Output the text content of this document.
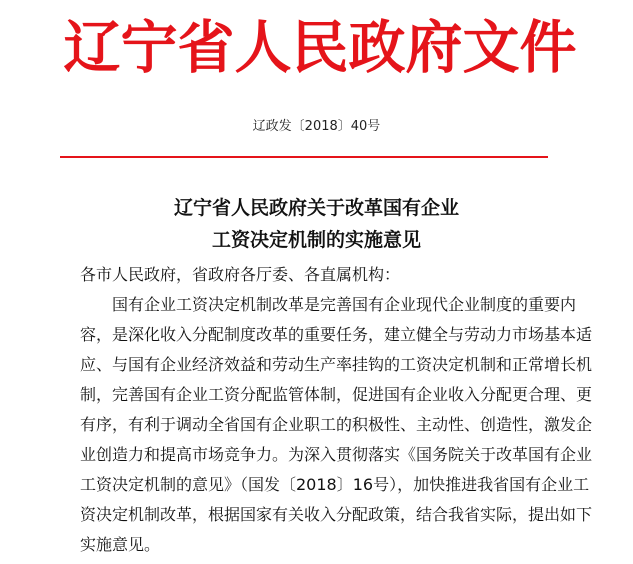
辽宁省人民政府文件
辽政发〔2018〕40号
辽宁省人民政府关于改革国有企业
工资决定机制的实施意见
各市人民政府，省政府各厅委、各直属机构：
国有企业工资决定机制改革是完善国有企业现代企业制度的重要内
容，是深化收入分配制度改革的重要任务，建立健全与劳动力市场基本适
应、与国有企业经济效益和劳动生产率挂钩的工资决定机制和正常增长机
制，完善国有企业工资分配监管体制，促进国有企业收入分配更合理、更
有序，有利于调动全省国有企业职工的积极性、主动性、创造性，激发企
业创造力和提高市场竞争力。为深入贯彻落实《国务院关于改革国有企业
工资决定机制的意见》（国发〔2018〕16号），加快推进我省国有企业工
资决定机制改革，根据国家有关收入分配政策，结合我省实际，提出如下
实施意见。
